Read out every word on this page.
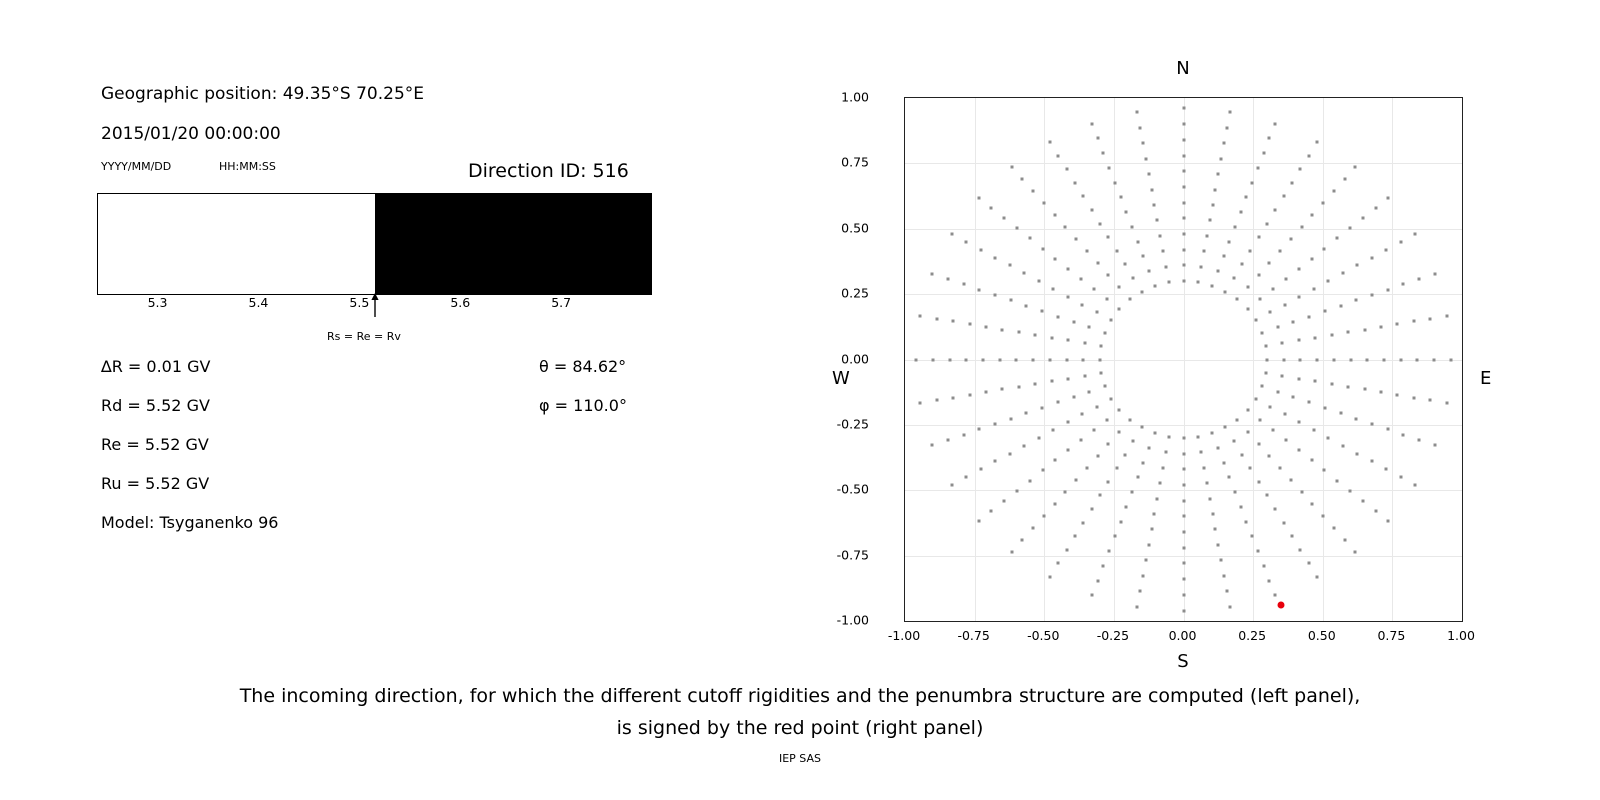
Geographic position: 49.35°S 70.25°E
2015/01/20 00:00:00
YYYY/MM/DD	HH:MM:SS	Direction ID: 516
5.3	5.4	5.5	5.6	5.7
Rs = Re = Rv
∆R = 0.01 GV
Rd = 5.52 GV
Re = 5.52 GV
Ru = 5.52 GV
Model: Tsyganenko 96
θ = 84.62°
φ = 110.0°
N
S
W	E
1.00
0.75
0.50
0.25
0.00
-0.25
-0.50
-0.75
-1.00
-1.00	-0.75	-0.50	-0.25	0.00	0.25	0.50	0.75	1.00
The incoming direction, for which the different cutoff rigidities and the penumbra structure are computed (left panel),
is signed by the red point (right panel)
IEP SAS
